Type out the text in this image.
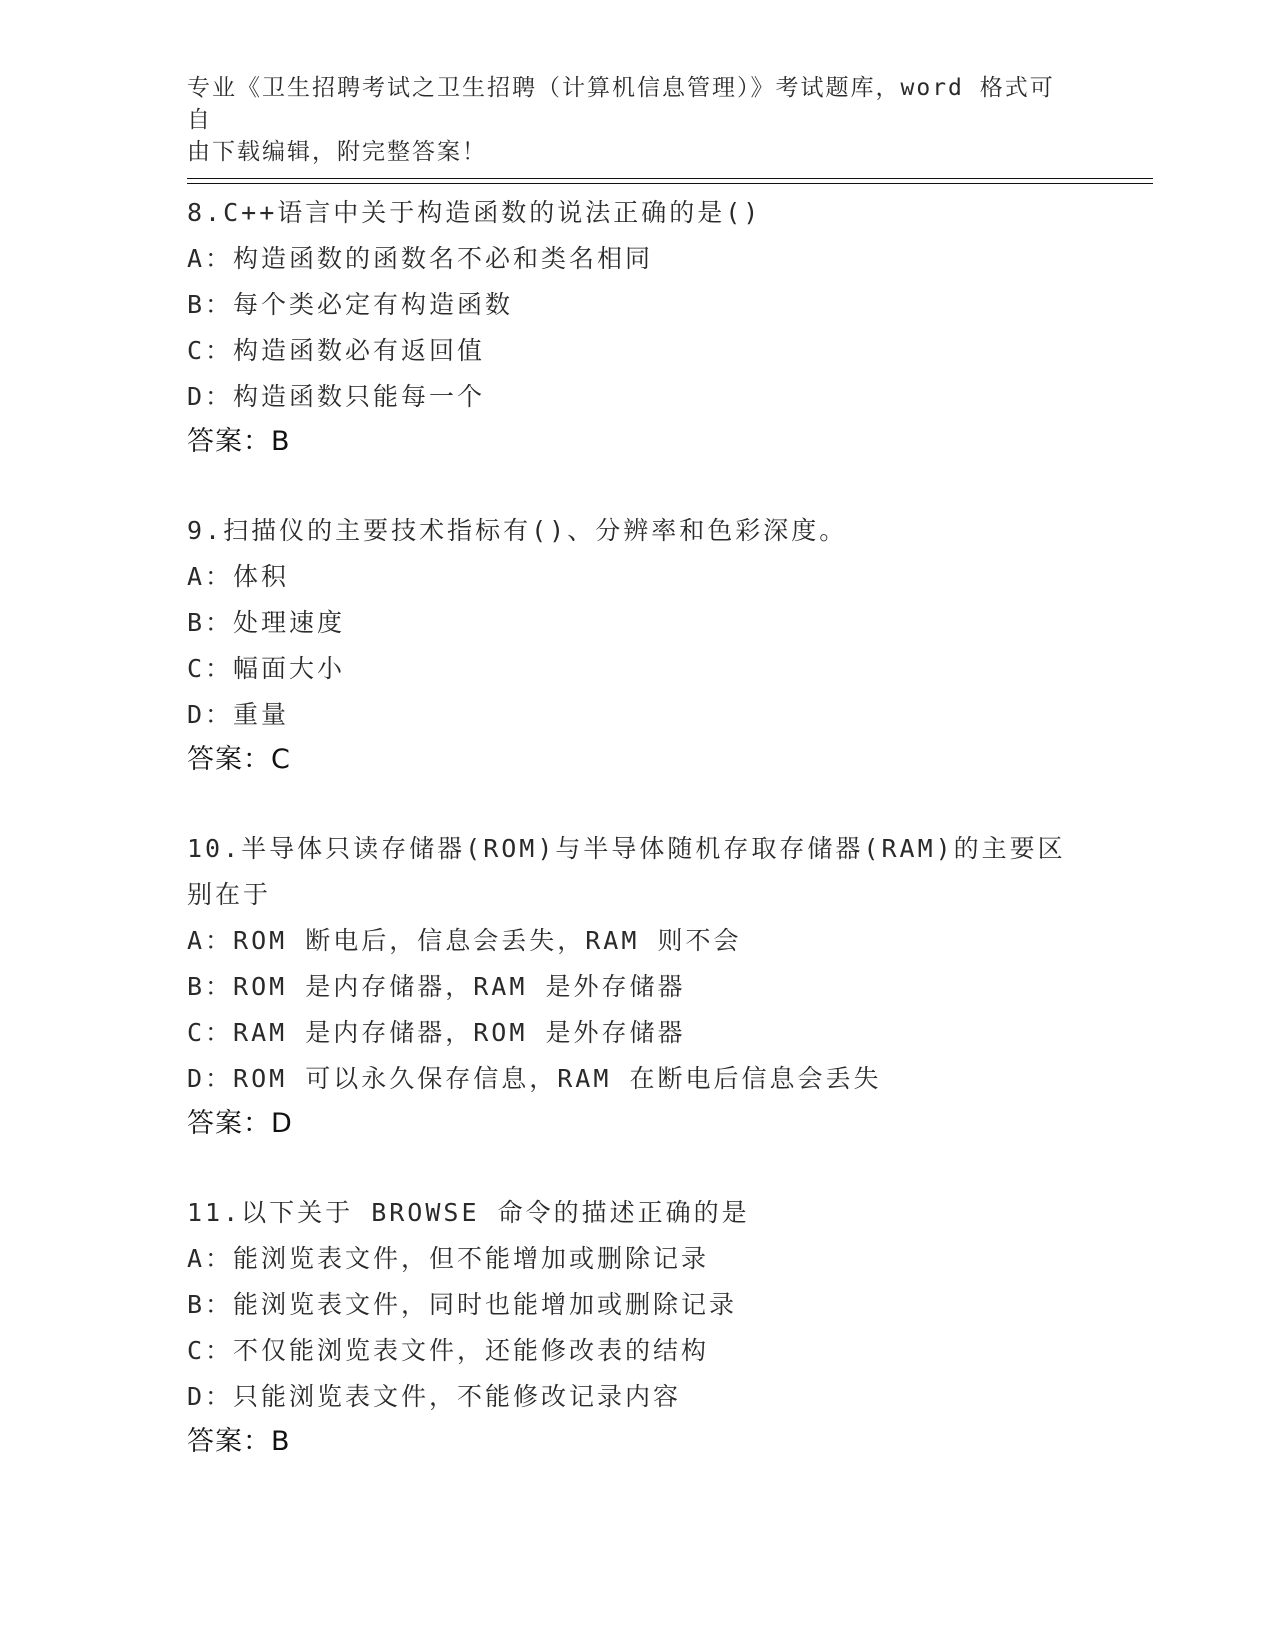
专业《卫生招聘考试之卫生招聘（计算机信息管理）》考试题库，word 格式可自
由下载编辑，附完整答案！
8.C++语言中关于构造函数的说法正确的是()
A：构造函数的函数名不必和类名相同
B：每个类必定有构造函数
C：构造函数必有返回值
D：构造函数只能每一个
答案：B
9.扫描仪的主要技术指标有()、分辨率和色彩深度。
A：体积
B：处理速度
C：幅面大小
D：重量
答案：C
10.半导体只读存储器(ROM)与半导体随机存取存储器(RAM)的主要区别在于
A：ROM 断电后，信息会丢失，RAM 则不会
B：ROM 是内存储器，RAM 是外存储器
C：RAM 是内存储器，ROM 是外存储器
D：ROM 可以永久保存信息，RAM 在断电后信息会丢失
答案：D
11.以下关于 BROWSE 命令的描述正确的是
A：能浏览表文件，但不能增加或删除记录
B：能浏览表文件，同时也能增加或删除记录
C：不仅能浏览表文件，还能修改表的结构
D：只能浏览表文件，不能修改记录内容
答案：B
